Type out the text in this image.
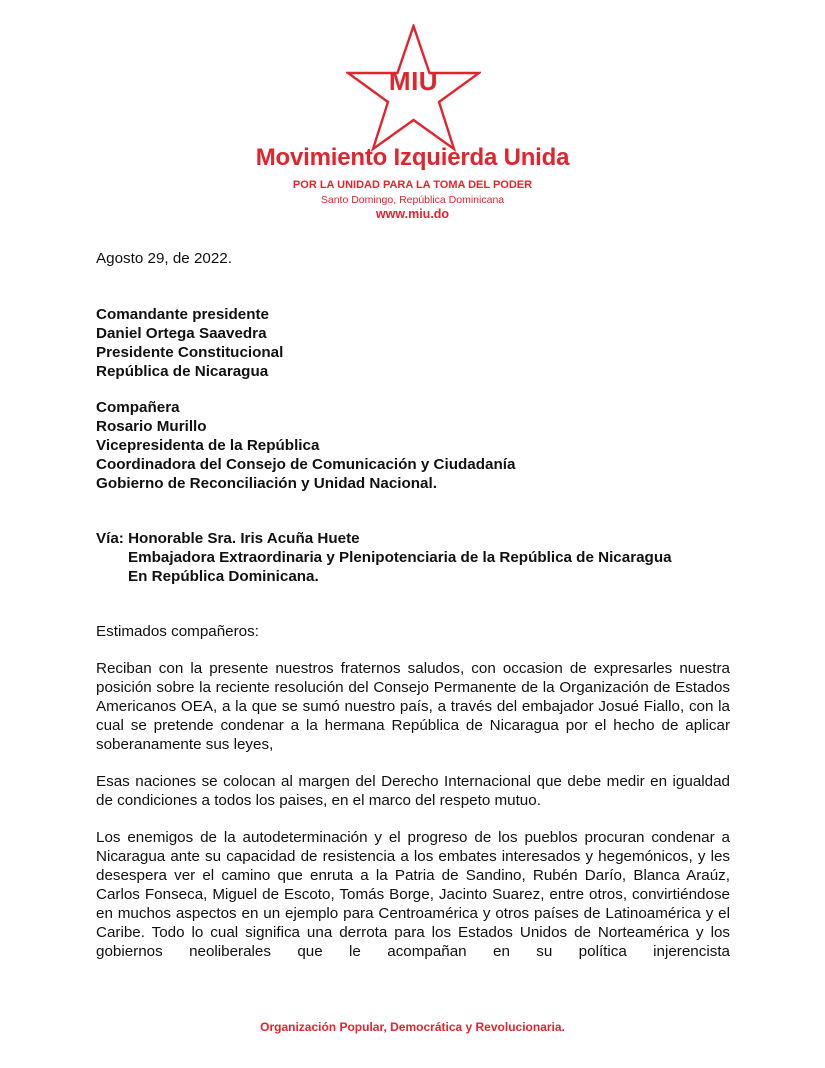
MIU
Movimiento Izquierda Unida
POR LA UNIDAD PARA LA TOMA DEL PODER
Santo Domingo, República Dominicana
www.miu.do
Agosto 29, de 2022.
Comandante presidente
Daniel Ortega Saavedra
Presidente Constitucional
República de Nicaragua
Compañera
Rosario Murillo
Vicepresidenta de la República
Coordinadora del Consejo de Comunicación y Ciudadanía
Gobierno de Reconciliación y Unidad Nacional.
Vía: Honorable Sra. Iris Acuña Huete
Embajadora Extraordinaria y Plenipotenciaria de la República de Nicaragua
En República Dominicana.
Estimados compañeros:
Reciban con la presente nuestros fraternos saludos, con occasion de expresarles nuestra posición sobre la reciente resolución del Consejo Permanente de la Organización de Estados Americanos OEA, a la que se sumó nuestro país, a través del embajador Josué Fiallo, con la cual se pretende condenar a la hermana República de Nicaragua por el hecho de aplicar soberanamente sus leyes,
Esas naciones se colocan al margen del Derecho Internacional que debe medir en igualdad de condiciones a todos los paises, en el marco del respeto mutuo.
Los enemigos de la autodeterminación y el progreso de los pueblos procuran condenar a Nicaragua ante su capacidad de resistencia a los embates interesados y hegemónicos, y les desespera ver el camino que enruta a la Patria de Sandino, Rubén Darío, Blanca Araúz, Carlos Fonseca, Miguel de Escoto, Tomás Borge, Jacinto Suarez, entre otros, convirtiéndose en muchos aspectos en un ejemplo para Centroamérica y otros países de Latinoamérica y el Caribe. Todo lo cual significa una derrota para los Estados Unidos de Norteamérica y los gobiernos neoliberales que le acompañan en su política injerencista
Organización Popular, Democrática y Revolucionaria.
